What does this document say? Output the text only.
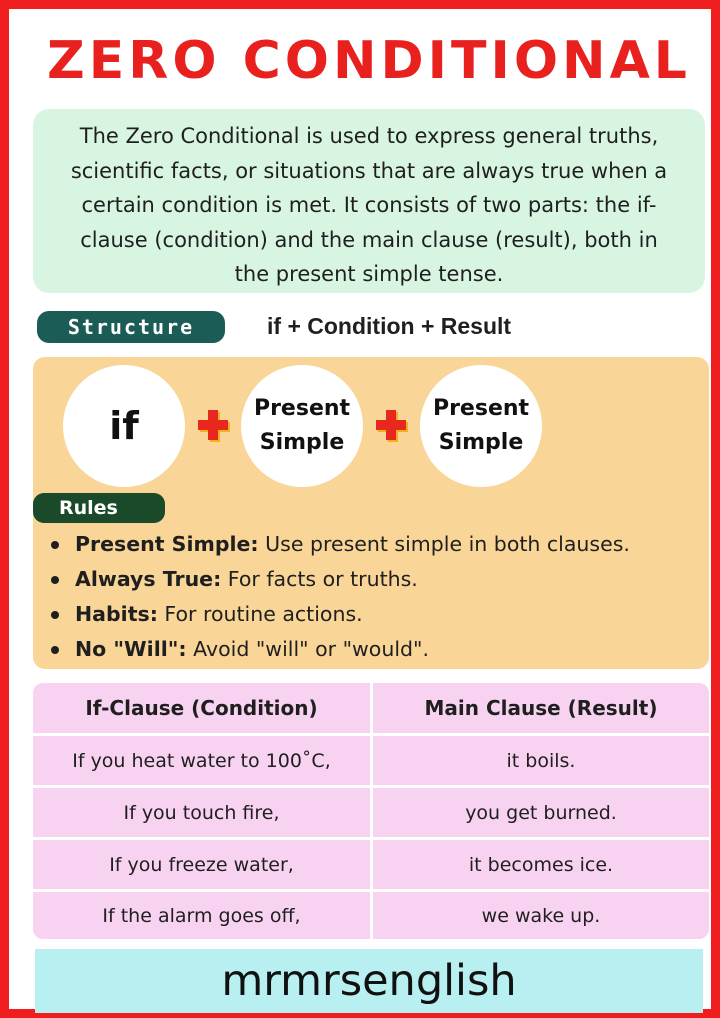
ZERO CONDITIONAL
The Zero Conditional is used to express general truths, scientific facts, or situations that are always true when a certain condition is met. It consists of two parts: the if-clause (condition) and the main clause (result), both in the present simple tense.
Structure	if + Condition + Result
if	Present
Simple
Present
Simple
Rules
Present Simple: Use present simple in both clauses.
Always True: For facts or truths.
Habits: For routine actions.
No "Will": Avoid "will" or "would".
If-Clause (Condition)	Main Clause (Result)
If you heat water to 100˚C,	it boils.
If you touch fire,	you get burned.
If you freeze water,	it becomes ice.
If the alarm goes off,	we wake up.
mrmrsenglish
